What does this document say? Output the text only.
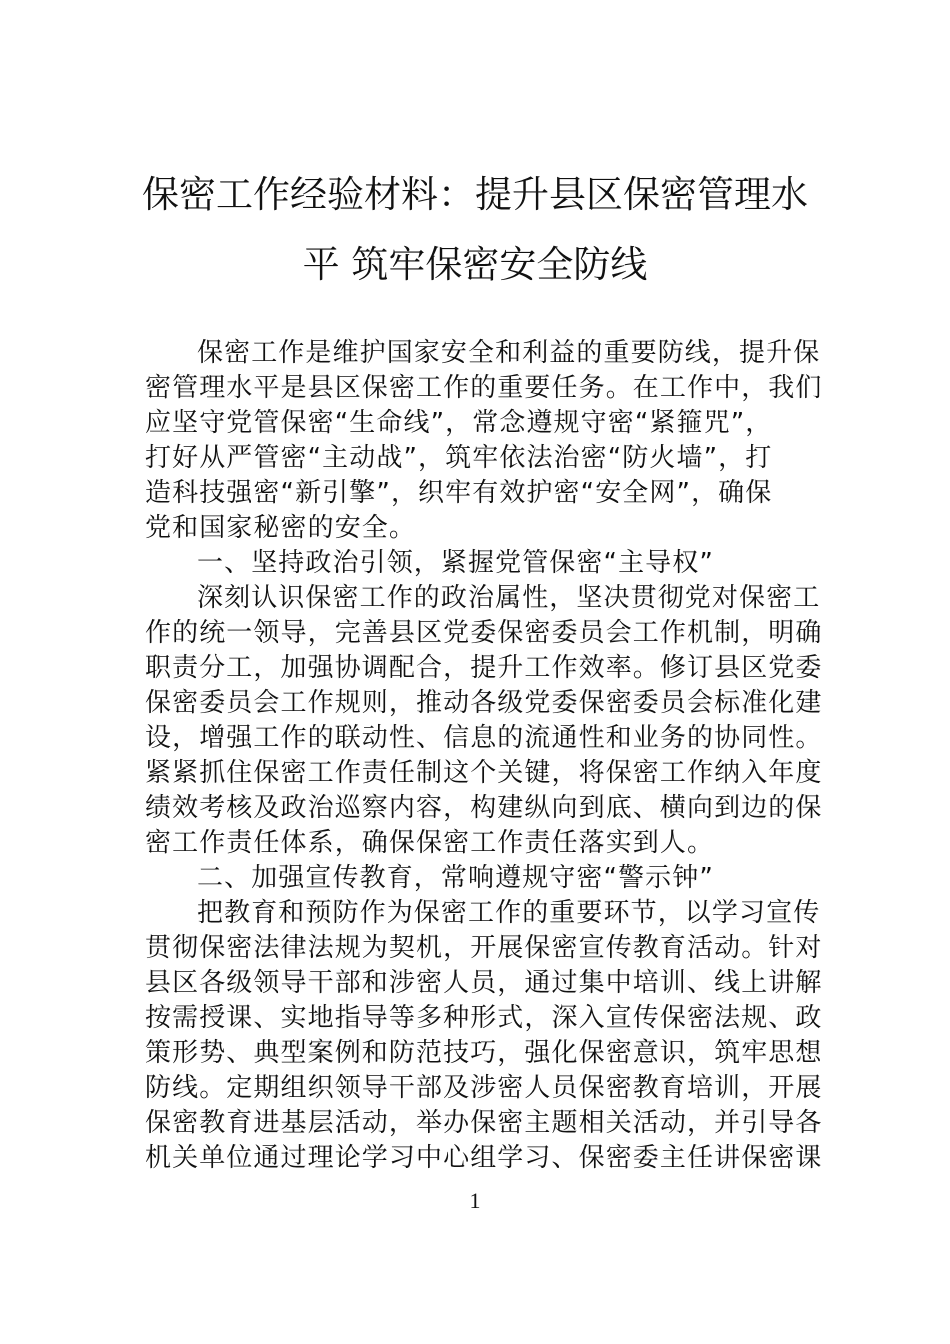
保密工作经验材料：提升县区保密管理水
平 筑牢保密安全防线
保密工作是维护国家安全和利益的重要防线，提升保
密管理水平是县区保密工作的重要任务。在工作中，我们
应坚守党管保密“生命线”，常念遵规守密“紧箍咒”，
打好从严管密“主动战”，筑牢依法治密“防火墙”，打
造科技强密“新引擎”，织牢有效护密“安全网”，确保
党和国家秘密的安全。
一、坚持政治引领，紧握党管保密“主导权”
深刻认识保密工作的政治属性，坚决贯彻党对保密工
作的统一领导，完善县区党委保密委员会工作机制，明确
职责分工，加强协调配合，提升工作效率。修订县区党委
保密委员会工作规则，推动各级党委保密委员会标准化建
设，增强工作的联动性、信息的流通性和业务的协同性。
紧紧抓住保密工作责任制这个关键，将保密工作纳入年度
绩效考核及政治巡察内容，构建纵向到底、横向到边的保
密工作责任体系，确保保密工作责任落实到人。
二、加强宣传教育，常响遵规守密“警示钟”
把教育和预防作为保密工作的重要环节，以学习宣传
贯彻保密法律法规为契机，开展保密宣传教育活动。针对
县区各级领导干部和涉密人员，通过集中培训、线上讲解
按需授课、实地指导等多种形式，深入宣传保密法规、政
策形势、典型案例和防范技巧，强化保密意识，筑牢思想
防线。定期组织领导干部及涉密人员保密教育培训，开展
保密教育进基层活动，举办保密主题相关活动，并引导各
机关单位通过理论学习中心组学习、保密委主任讲保密课
1
